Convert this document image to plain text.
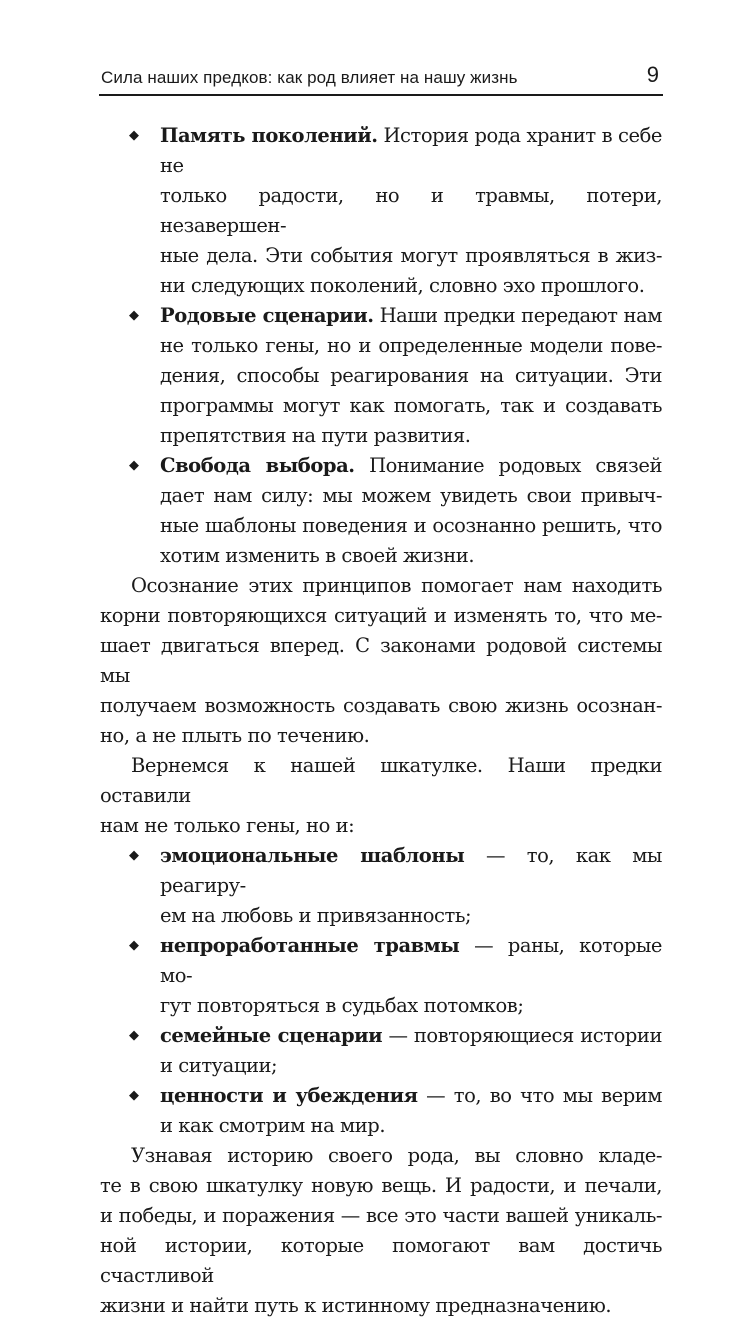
Сила наших предков: как род влияет на нашу жизнь	9
◆ Память поколений. История рода хранит в себе не
только радости, но и травмы, потери, незавершен-
ные дела. Эти события могут проявляться в жиз-
ни следующих поколений, словно эхо прошлого.
◆ Родовые сценарии. Наши предки передают нам
не только гены, но и определенные модели пове-
дения, способы реагирования на ситуации. Эти
программы могут как помогать, так и создавать
препятствия на пути развития.
◆ Свобода выбора. Понимание родовых связей
дает нам силу: мы можем увидеть свои привыч-
ные шаблоны поведения и осознанно решить, что
хотим изменить в своей жизни.

Осознание этих принципов помогает нам находить
корни повторяющихся ситуаций и изменять то, что ме-
шает двигаться вперед. С законами родовой системы мы
получаем возможность создавать свою жизнь осознан-
но, а не плыть по течению.

Вернемся к нашей шкатулке. Наши предки оставили
нам не только гены, но и:

◆ эмоциональные шаблоны — то, как мы реагиру-
ем на любовь и привязанность;
◆ непроработанные травмы — раны, которые мо-
гут повторяться в судьбах потомков;
◆ семейные сценарии — повторяющиеся истории
и ситуации;
◆ ценности и убеждения — то, во что мы верим
и как смотрим на мир.

Узнавая историю своего рода, вы словно кладе-
те в свою шкатулку новую вещь. И радости, и печали,
и победы, и поражения — все это части вашей уникаль-
ной истории, которые помогают вам достичь счастливой
жизни и найти путь к истинному предназначению.
